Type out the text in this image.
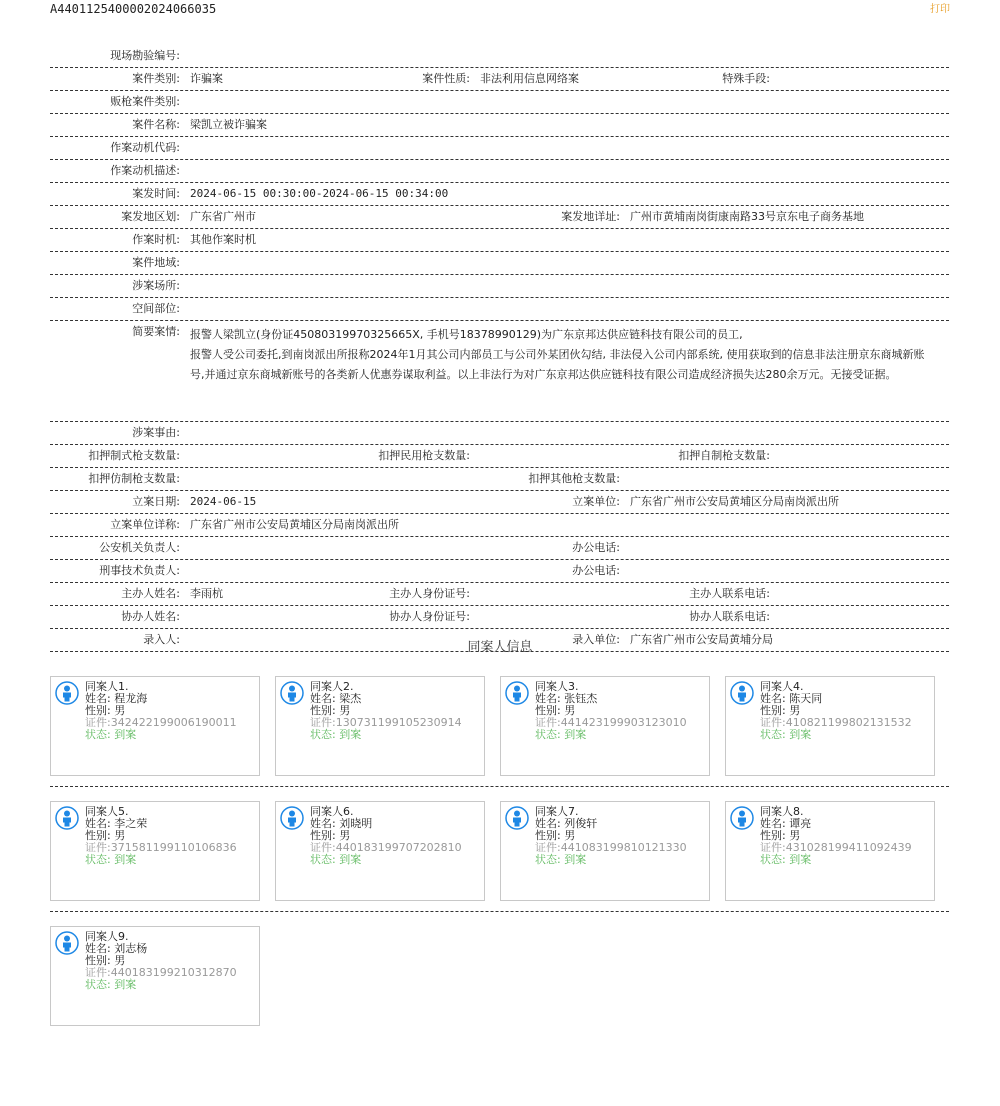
A4401125400002024066035	打印
现场勘验编号:
案件类别: 诈骗案	案件性质: 非法利用信息网络案	特殊手段:
贩枪案件类别:
案件名称: 梁凯立被诈骗案
作案动机代码:
作案动机描述:
案发时间: 2024-06-15 00:30:00-2024-06-15 00:34:00
案发地区划: 广东省广州市	案发地详址: 广州市黄埔南岗街康南路33号京东电子商务基地
作案时机: 其他作案时机
案件地域:
涉案场所:
空间部位:
简要案情: 报警人梁凯立(身份证45080319970325665X, 手机号18378990129)为广东京邦达供应链科技有限公司的员工,

报警人受公司委托,到南岗派出所报称2024年1月其公司内部员工与公司外某团伙勾结, 非法侵入公司内部系统, 使用获取到的信息非法注册京东商城新账号,并通过京东商城新账号的各类新人优惠券谋取利益。以上非法行为对广东京邦达供应链科技有限公司造成经济损失达280余万元。无接受证据。

涉案事由:
扣押制式枪支数量:	扣押民用枪支数量:	扣押自制枪支数量:
扣押仿制枪支数量:	扣押其他枪支数量:
立案日期: 2024-06-15	立案单位: 广东省广州市公安局黄埔区分局南岗派出所
立案单位详称: 广东省广州市公安局黄埔区分局南岗派出所
公安机关负责人:	办公电话:
刑事技术负责人:	办公电话:
主办人姓名: 李雨杭	主办人身份证号:	主办人联系电话:
协办人姓名:	协办人身份证号:	协办人联系电话:
录入人:	录入单位: 广东省广州市公安局黄埔分局
同案人信息
同案人1.
姓名: 程龙海
性别: 男
证件:342422199006190011
状态: 到案
同案人2.
姓名: 梁杰
性别: 男
证件:130731199105230914
状态: 到案
同案人3.
姓名: 张钰杰
性别: 男
证件:441423199903123010
状态: 到案
同案人4.
姓名: 陈天同
性别: 男
证件:410821199802131532
状态: 到案
同案人5.
姓名: 李之荣
性别: 男
证件:371581199110106836
状态: 到案
同案人6.
姓名: 刘晓明
性别: 男
证件:440183199707202810
状态: 到案
同案人7.
姓名: 列俊轩
性别: 男
证件:441083199810121330
状态: 到案
同案人8.
姓名: 谭亮
性别: 男
证件:431028199411092439
状态: 到案
同案人9.
姓名: 刘志杨
性别: 男
证件:440183199210312870
状态: 到案
